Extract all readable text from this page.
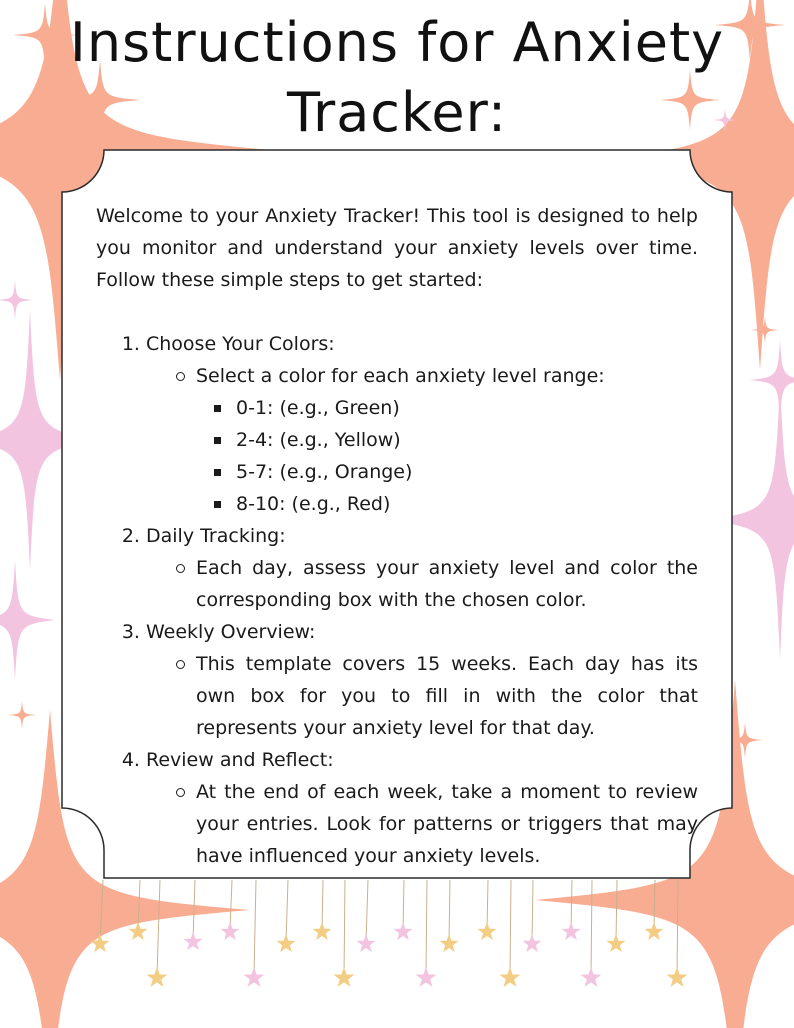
Instructions for Anxiety
Tracker:

Welcome to your Anxiety Tracker! This tool is designed to help you monitor and understand your anxiety levels over time. Follow these simple steps to get started:

1. Choose Your Colors:
Select a color for each anxiety level range:
0-1: (e.g., Green)
2-4: (e.g., Yellow)
5-7: (e.g., Orange)
8-10: (e.g., Red)
2. Daily Tracking:
Each day, assess your anxiety level and color the corresponding box with the chosen color.
3. Weekly Overview:
This template covers 15 weeks. Each day has its own box for you to fill in with the color that represents your anxiety level for that day.
4. Review and Reflect:
At the end of each week, take a moment to review your entries. Look for patterns or triggers that may have influenced your anxiety levels.
